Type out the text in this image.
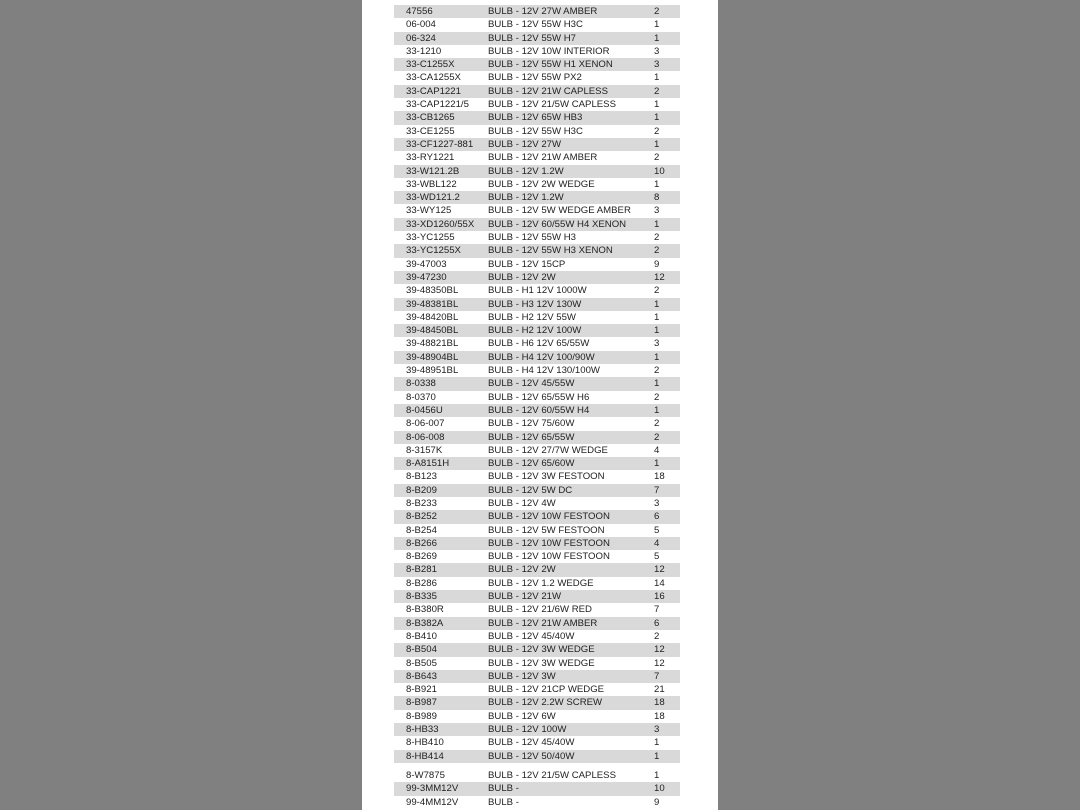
47556	BULB - 12V 27W AMBER	2
06-004	BULB - 12V 55W H3C	1
06-324	BULB - 12V 55W H7	1
33-1210	BULB - 12V 10W INTERIOR	3
33-C1255X	BULB - 12V 55W H1 XENON	3
33-CA1255X	BULB - 12V 55W PX2	1
33-CAP1221	BULB - 12V 21W CAPLESS	2
33-CAP1221/5 BULB - 12V 21/5W CAPLESS	1
33-CB1265	BULB - 12V 65W HB3	1
33-CE1255	BULB - 12V 55W H3C	2
33-CF1227-881 BULB - 12V 27W	1
33-RY1221	BULB - 12V 21W AMBER	2
33-W121.2B	BULB - 12V 1.2W	10
33-WBL122	BULB - 12V 2W WEDGE	1
33-WD121.2	BULB - 12V 1.2W	8
33-WY125	BULB - 12V 5W WEDGE AMBER 3
33-XD1260/55X BULB - 12V 60/55W H4 XENON	1
33-YC1255	BULB - 12V 55W H3	2
33-YC1255X	BULB - 12V 55W H3 XENON	2
39-47003	BULB - 12V 15CP	9
39-47230	BULB - 12V 2W	12
39-48350BL	BULB - H1 12V 1000W	2
39-48381BL	BULB - H3 12V 130W	1
39-48420BL	BULB - H2 12V 55W	1
39-48450BL	BULB - H2 12V 100W	1
39-48821BL	BULB - H6 12V 65/55W	3
39-48904BL	BULB - H4 12V 100/90W	1
39-48951BL	BULB - H4 12V 130/100W	2
8-0338	BULB - 12V 45/55W	1
8-0370	BULB - 12V 65/55W H6	2
8-0456U	BULB - 12V 60/55W H4	1
8-06-007	BULB - 12V 75/60W	2
8-06-008	BULB - 12V 65/55W	2
8-3157K	BULB - 12V 27/7W WEDGE	4
8-A8151H	BULB - 12V 65/60W	1
8-B123	BULB - 12V 3W FESTOON	18
8-B209	BULB - 12V 5W DC	7
8-B233	BULB - 12V 4W	3
8-B252	BULB - 12V 10W FESTOON	6
8-B254	BULB - 12V 5W FESTOON	5
8-B266	BULB - 12V 10W FESTOON	4
8-B269	BULB - 12V 10W FESTOON	5
8-B281	BULB - 12V 2W	12
8-B286	BULB - 12V 1.2 WEDGE	14
8-B335	BULB - 12V 21W	16
8-B380R	BULB - 12V 21/6W RED	7
8-B382A	BULB - 12V 21W AMBER	6
8-B410	BULB - 12V 45/40W	2
8-B504	BULB - 12V 3W WEDGE	12
8-B505	BULB - 12V 3W WEDGE	12
8-B643	BULB - 12V 3W	7
8-B921	BULB - 12V 21CP WEDGE	21
8-B987	BULB - 12V 2.2W SCREW	18
8-B989	BULB - 12V 6W	18
8-HB33	BULB - 12V 100W	3
8-HB410	BULB - 12V 45/40W	1
8-HB414	BULB - 12V 50/40W	1
8-W7875	BULB - 12V 21/5W CAPLESS	1
99-3MM12V	BULB -	10
99-4MM12V	BULB -	9
